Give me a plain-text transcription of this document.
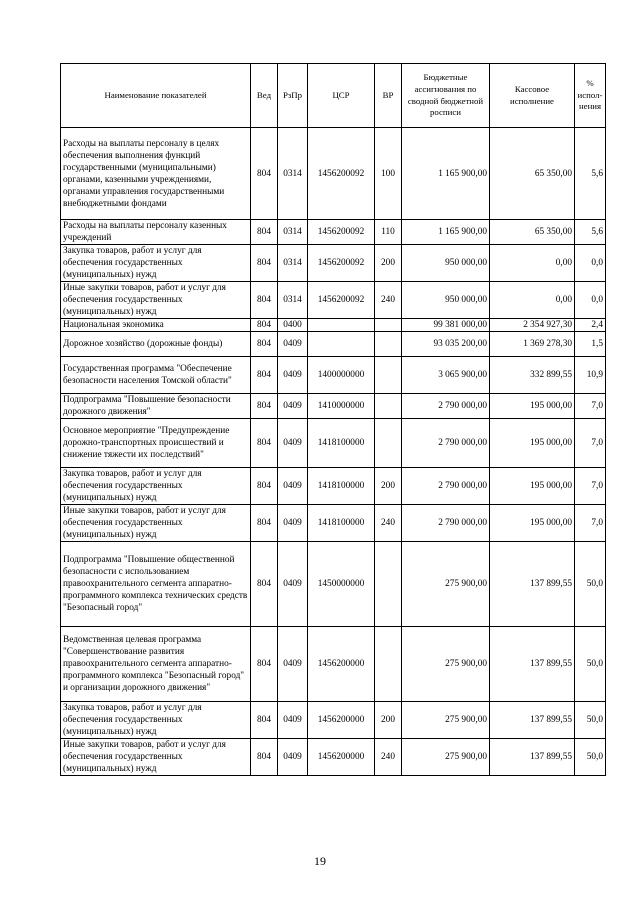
Наименование показателей	Вед	РзПр	ЦСР	ВР	Бюджетные ассигнования по сводной бюджетной росписи	Кассовое исполнение	% испол-нения
Расходы на выплаты персоналу в целях обеспечения выполнения функций государственными (муниципальными) органами, казенными учреждениями, органами управления государственными внебюджетными фондами	804	0314	1456200092	100	1 165 900,00	65 350,00	5,6
Расходы на выплаты персоналу казенных учреждений	804	0314	1456200092	110	1 165 900,00	65 350,00	5,6
Закупка товаров, работ и услуг для обеспечения государственных (муниципальных) нужд	804	0314	1456200092	200	950 000,00	0,00	0,0
Иные закупки товаров, работ и услуг для обеспечения государственных (муниципальных) нужд	804	0314	1456200092	240	950 000,00	0,00	0,0
Национальная экономика	804	0400			99 381 000,00	2 354 927,30	2,4
Дорожное хозяйство (дорожные фонды)	804	0409			93 035 200,00	1 369 278,30	1,5
Государственная программа "Обеспечение безопасности населения Томской области"	804	0409	1400000000		3 065 900,00	332 899,55	10,9
Подпрограмма "Повышение безопасности дорожного движения"	804	0409	1410000000		2 790 000,00	195 000,00	7,0
Основное мероприятие "Предупреждение дорожно-транспортных происшествий и снижение тяжести их последствий"	804	0409	1418100000		2 790 000,00	195 000,00	7,0
Закупка товаров, работ и услуг для обеспечения государственных (муниципальных) нужд	804	0409	1418100000	200	2 790 000,00	195 000,00	7,0
Иные закупки товаров, работ и услуг для обеспечения государственных (муниципальных) нужд	804	0409	1418100000	240	2 790 000,00	195 000,00	7,0
Подпрограмма "Повышение общественной безопасности с использованием правоохранительного сегмента аппаратно-программного комплекса технических средств "Безопасный город"	804	0409	1450000000		275 900,00	137 899,55	50,0
Ведомственная целевая программа "Совершенствование развития правоохранительного сегмента аппаратно-программного комплекса "Безопасный город" и организации дорожного движения"	804	0409	1456200000		275 900,00	137 899,55	50,0
Закупка товаров, работ и услуг для обеспечения государственных (муниципальных) нужд	804	0409	1456200000	200	275 900,00	137 899,55	50,0
Иные закупки товаров, работ и услуг для обеспечения государственных (муниципальных) нужд	804	0409	1456200000	240	275 900,00	137 899,55	50,0
19
